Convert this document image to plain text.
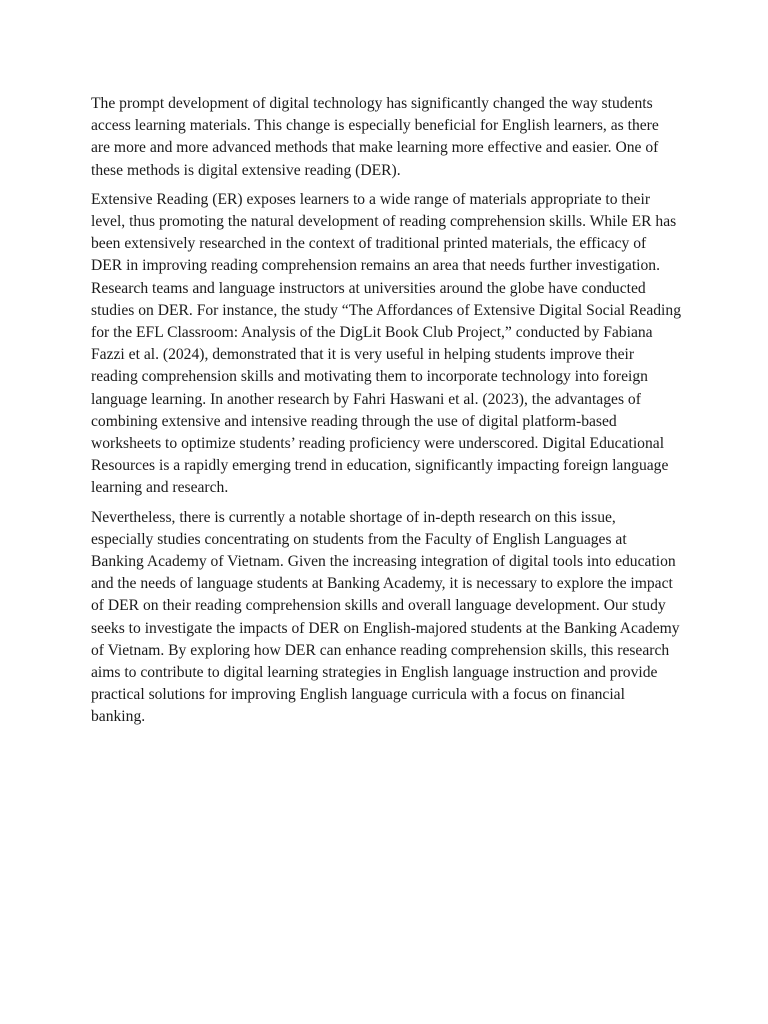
The prompt development of digital technology has significantly changed the way students access learning materials. This change is especially beneficial for English learners, as there are more and more advanced methods that make learning more effective and easier. One of these methods is digital extensive reading (DER).

Extensive Reading (ER) exposes learners to a wide range of materials appropriate to their level, thus promoting the natural development of reading comprehension skills. While ER has been extensively researched in the context of traditional printed materials, the efficacy of DER in improving reading comprehension remains an area that needs further investigation. Research teams and language instructors at universities around the globe have conducted studies on DER. For instance, the study “The Affordances of Extensive Digital Social Reading for the EFL Classroom: Analysis of the DigLit Book Club Project,” conducted by Fabiana Fazzi et al. (2024), demonstrated that it is very useful in helping students improve their reading comprehension skills and motivating them to incorporate technology into foreign language learning. In another research by Fahri Haswani et al. (2023), the advantages of combining extensive and intensive reading through the use of digital platform-based worksheets to optimize students’ reading proficiency were underscored. Digital Educational Resources is a rapidly emerging trend in education, significantly impacting foreign language learning and research.

Nevertheless, there is currently a notable shortage of in-depth research on this issue, especially studies concentrating on students from the Faculty of English Languages at Banking Academy of Vietnam. Given the increasing integration of digital tools into education and the needs of language students at Banking Academy, it is necessary to explore the impact of DER on their reading comprehension skills and overall language development. Our study seeks to investigate the impacts of DER on English-majored students at the Banking Academy of Vietnam. By exploring how DER can enhance reading comprehension skills, this research aims to contribute to digital learning strategies in English language instruction and provide practical solutions for improving English language curricula with a focus on financial banking.
